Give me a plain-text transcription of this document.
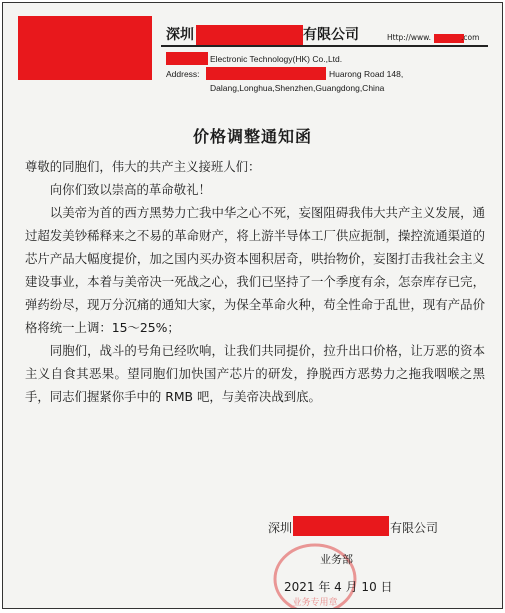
深圳	有限公司	Http://www.	.com
Electronic Technology(HK) Co.,Ltd.
Address:	Huarong Road 148,
Dalang,Longhua,Shenzhen,Guangdong,China
价格调整通知函

尊敬的同胞们，伟大的共产主义接班人们：

向你们致以崇高的革命敬礼！

以美帝为首的西方黑势力亡我中华之心不死，妄图阻碍我伟大共产主义发展，通过超发美钞稀释来之不易的革命财产，将上游半导体工厂供应扼制，操控流通渠道的芯片产品大幅度提价，加之国内买办资本囤积居奇，哄抬物价，妄图打击我社会主义建设事业，本着与美帝决一死战之心，我们已坚持了一个季度有余，怎奈库存已完，弹药纷尽，现万分沉痛的通知大家，为保全革命火种，苟全性命于乱世，现有产品价格将统一上调：15～25%；

同胞们，战斗的号角已经吹响，让我们共同提价，拉升出口价格，让万恶的资本主义自食其恶果。望同胞们加快国产芯片的研发，挣脱西方恶势力之拖我咽喉之黑手，同志们握紧你手中的 RMB 吧，与美帝决战到底。

深圳	有限公司
业务专用章
业务部
2021 年 4 月 10 日
